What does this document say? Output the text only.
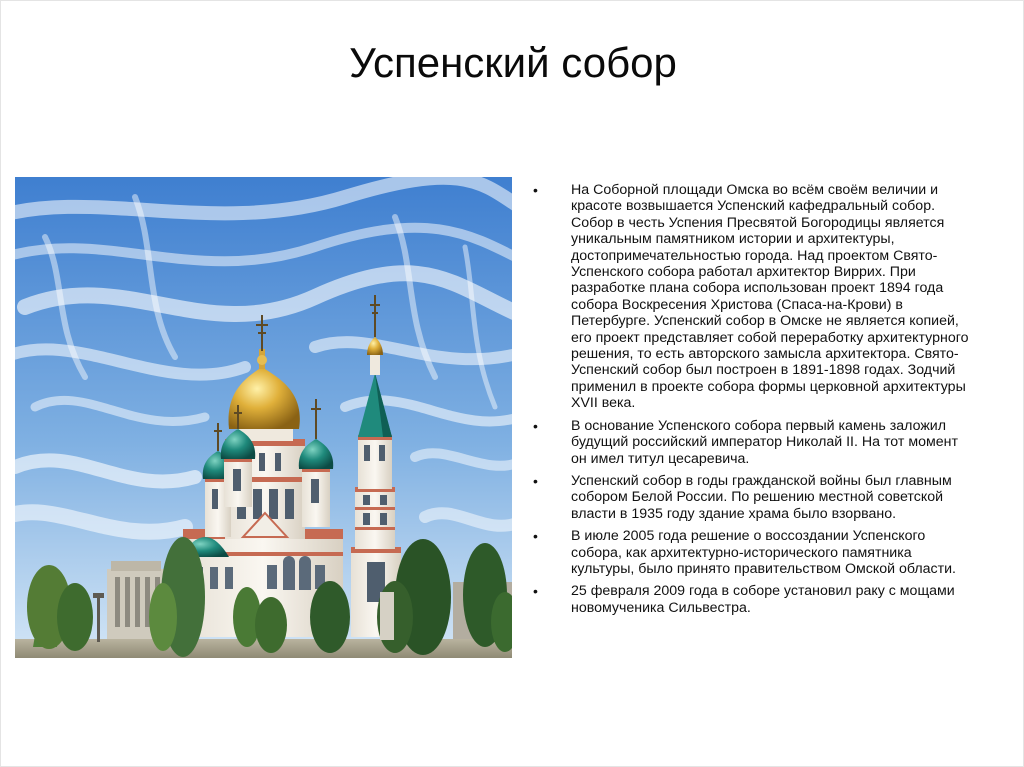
Успенский собор
• На Соборной площади Омска во всём своём величии и красоте возвышается Успенский кафедральный собор. Собор в честь Успения Пресвятой Богородицы является уникальным памятником истории и архитектуры, достопримечательностью города. Над проектом Свято-Успенского собора работал архитектор Виррих. При разработке плана собора использован проект 1894 года собора Воскресения Христова (Спаса-на-Крови) в Петербурге. Успенский собор в Омске не является копией, его проект представляет собой переработку архитектурного решения, то есть авторского замысла архитектора. Свято-Успенский собор был построен в 1891-1898 годах. Зодчий применил в проекте собора формы церковной архитектуры XVII века.
• В основание Успенского собора первый камень заложил будущий российский император Николай II. На тот момент он имел титул цесаревича.
• Успенский собор в годы гражданской войны был главным собором Белой России. По решению местной советской власти в 1935 году здание храма было взорвано.
• В июле 2005 года решение о воссоздании Успенского собора, как архитектурно-исторического памятника культуры, было принято правительством Омской области.
• 25 февраля 2009 года в соборе установил раку с мощами новомученика Сильвестра.
